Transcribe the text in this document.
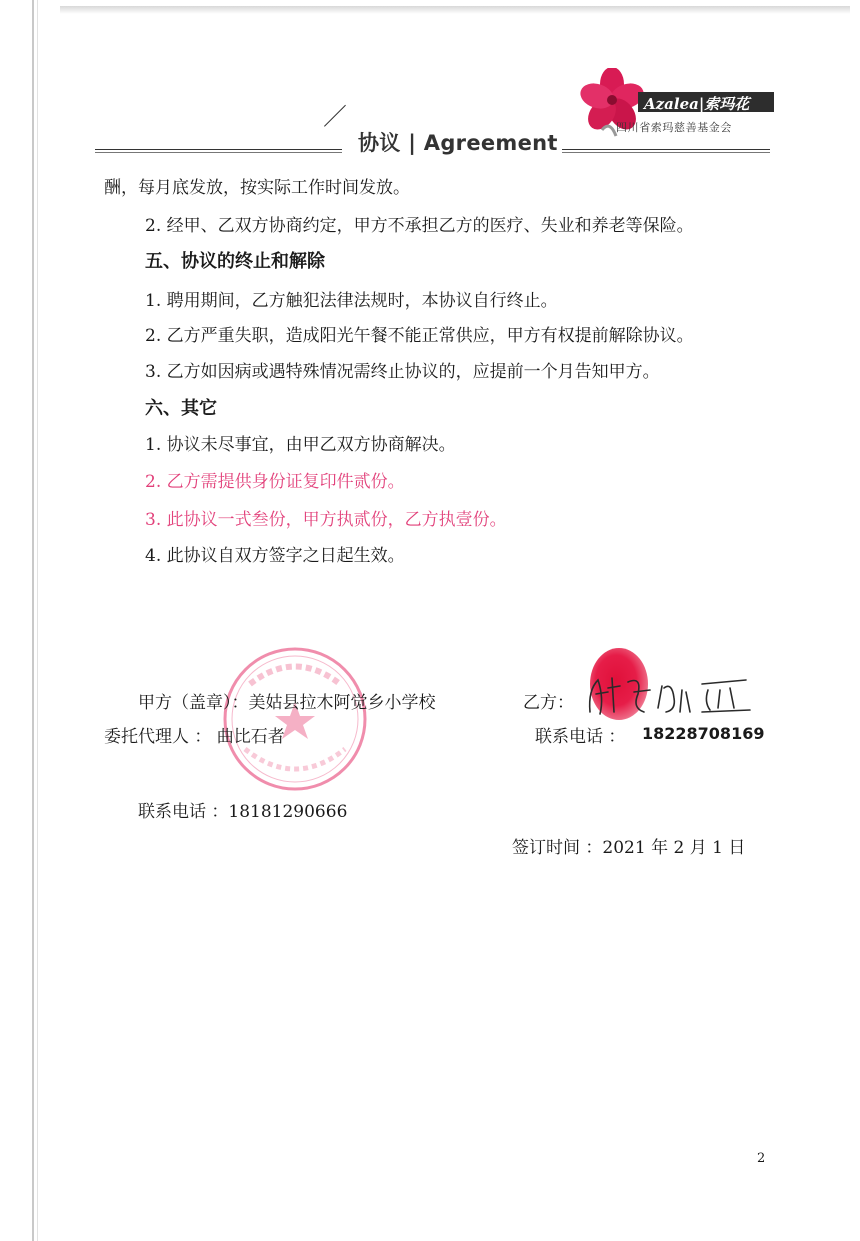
协议 | Agreement
Azalea|索玛花
四川省索玛慈善基金会
酬，每月底发放，按实际工作时间发放。
2. 经甲、乙双方协商约定，甲方不承担乙方的医疗、失业和养老等保险。
五、协议的终止和解除
1. 聘用期间，乙方触犯法律法规时，本协议自行终止。
2. 乙方严重失职，造成阳光午餐不能正常供应，甲方有权提前解除协议。
3. 乙方如因病或遇特殊情况需终止协议的，应提前一个月告知甲方。
六、其它
1. 协议未尽事宜，由甲乙双方协商解决。
2. 乙方需提供身份证复印件贰份。
3. 此协议一式叁份，甲方执贰份，乙方执壹份。
4. 此协议自双方签字之日起生效。
甲方（盖章）：美姑县拉木阿觉乡小学校	乙方：
委托代理人 ： 曲比石者	联系电话 ： 18228708169
联系电话 ：18181290666
签订时间 ：2021 年 2 月 1 日
2
